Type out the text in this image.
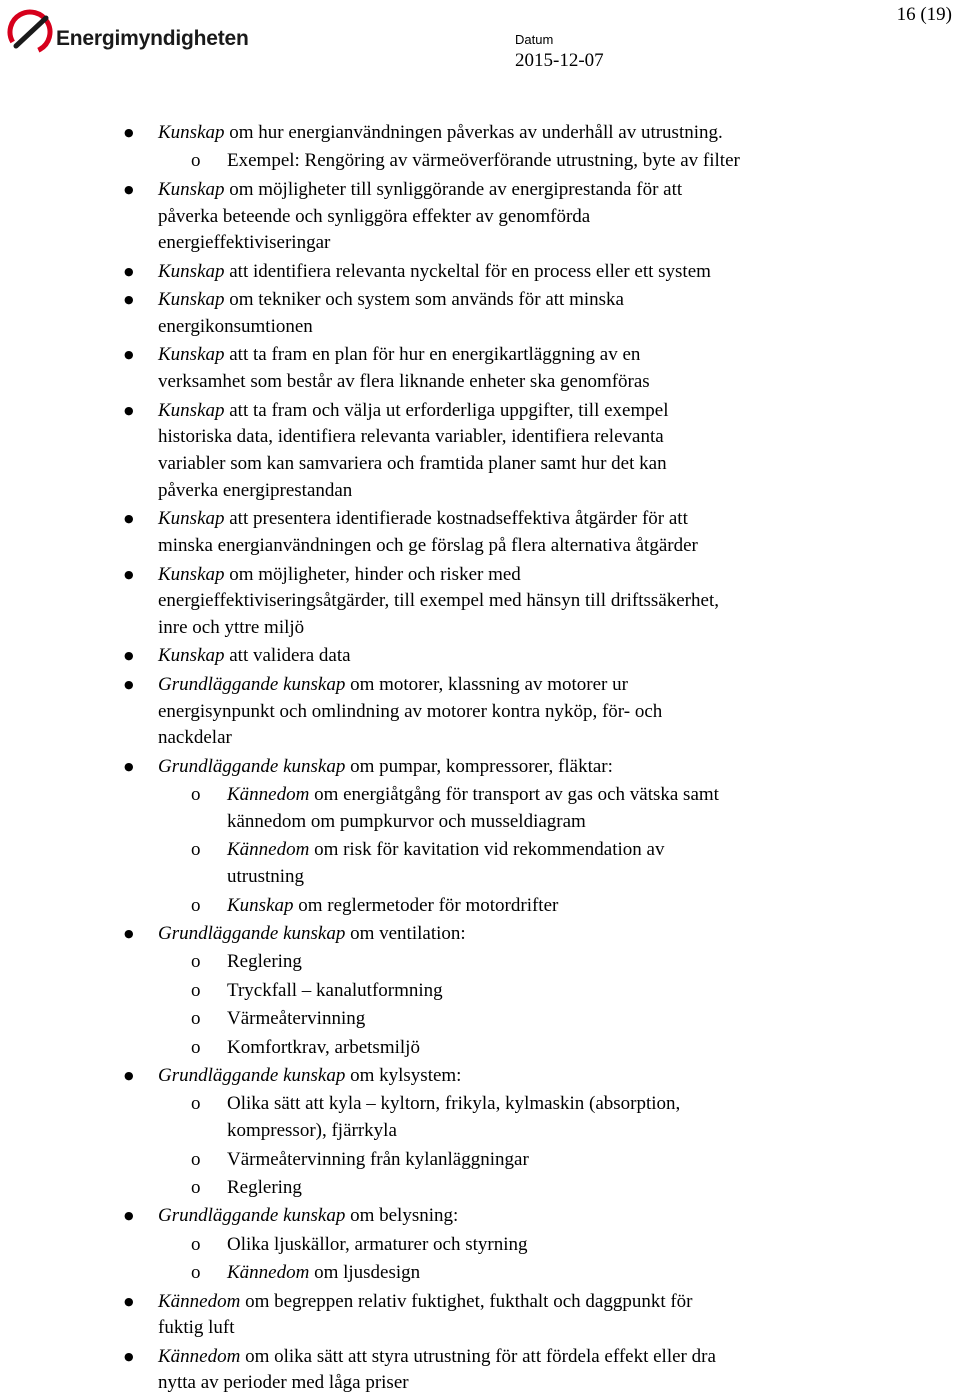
Energimyndigheten	Datum
2015-12-07
16 (19)
● Kunskap om hur energianvändningen påverkas av underhåll av utrustning.
o Exempel: Rengöring av värmeöverförande utrustning, byte av filter
● Kunskap om möjligheter till synliggörande av energiprestanda för att
påverka beteende och synliggöra effekter av genomförda
energieffektiviseringar
● Kunskap att identifiera relevanta nyckeltal för en process eller ett system
● Kunskap om tekniker och system som används för att minska
energikonsumtionen
● Kunskap att ta fram en plan för hur en energikartläggning av en
verksamhet som består av flera liknande enheter ska genomföras
● Kunskap att ta fram och välja ut erforderliga uppgifter, till exempel
historiska data, identifiera relevanta variabler, identifiera relevanta
variabler som kan samvariera och framtida planer samt hur det kan
påverka energiprestandan
● Kunskap att presentera identifierade kostnadseffektiva åtgärder för att
minska energianvändningen och ge förslag på flera alternativa åtgärder
● Kunskap om möjligheter, hinder och risker med
energieffektiviseringsåtgärder, till exempel med hänsyn till driftssäkerhet,
inre och yttre miljö
● Kunskap att validera data
● Grundläggande kunskap om motorer, klassning av motorer ur
energisynpunkt och omlindning av motorer kontra nyköp, för- och
nackdelar
● Grundläggande kunskap om pumpar, kompressorer, fläktar:
o Kännedom om energiåtgång för transport av gas och vätska samt
kännedom om pumpkurvor och musseldiagram
o Kännedom om risk för kavitation vid rekommendation av
utrustning
o Kunskap om reglermetoder för motordrifter
● Grundläggande kunskap om ventilation:
o Reglering
o Tryckfall – kanalutformning
o Värmeåtervinning
o Komfortkrav, arbetsmiljö
● Grundläggande kunskap om kylsystem:
o Olika sätt att kyla – kyltorn, frikyla, kylmaskin (absorption,
kompressor), fjärrkyla
o Värmeåtervinning från kylanläggningar
o Reglering
● Grundläggande kunskap om belysning:
o Olika ljuskällor, armaturer och styrning
o Kännedom om ljusdesign
● Kännedom om begreppen relativ fuktighet, fukthalt och daggpunkt för
fuktig luft
● Kännedom om olika sätt att styra utrustning för att fördela effekt eller dra
nytta av perioder med låga priser
